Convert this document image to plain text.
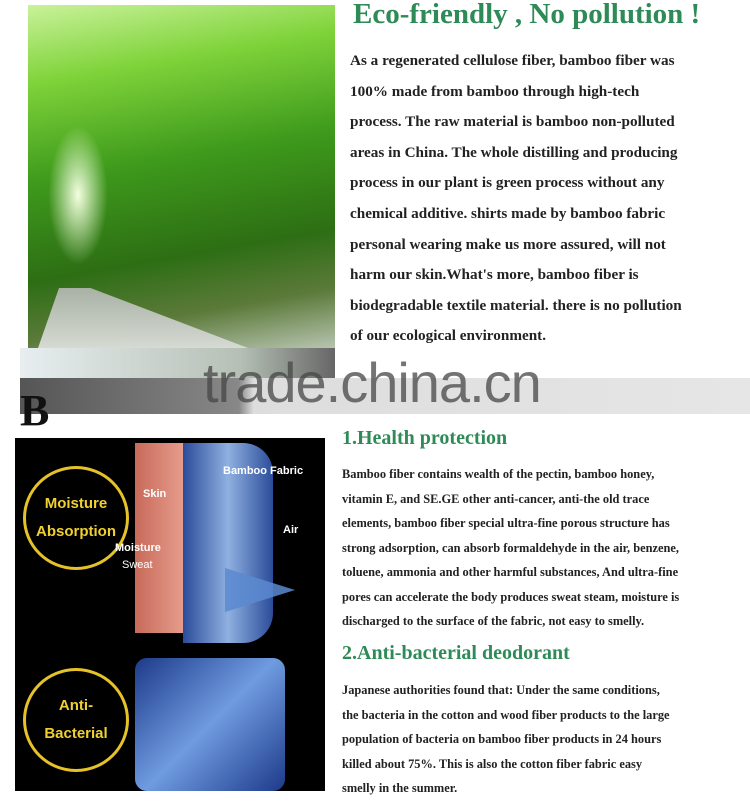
Eco-friendly , No pollution !
As a regenerated cellulose fiber, bamboo fiber was
100% made from bamboo through high-tech
process. The raw material is bamboo non-polluted
areas in China. The whole distilling and producing
process in our plant is green process without any
chemical additive. shirts made by bamboo fabric
personal wearing make us more assured, will not
harm our skin.What's more, bamboo fiber is
biodegradable textile material. there is no pollution
of our ecological environment.
B	trade.china.cn
Moisture
Absorption
Skin
Bamboo Fabric
Air
Moisture
Sweat
Anti-
Bacterial
1.Health protection
Bamboo fiber contains wealth of the pectin, bamboo honey,
vitamin E, and SE.GE other anti-cancer, anti-the old trace
elements, bamboo fiber special ultra-fine porous structure has
strong adsorption, can absorb formaldehyde in the air, benzene,
toluene, ammonia and other harmful substances, And ultra-fine
pores can accelerate the body produces sweat steam, moisture is
discharged to the surface of the fabric, not easy to smelly.
2.Anti-bacterial deodorant
Japanese authorities found that: Under the same conditions,
the bacteria in the cotton and wood fiber products to the large
population of bacteria on bamboo fiber products in 24 hours
killed about 75%. This is also the cotton fiber fabric easy
smelly in the summer.
